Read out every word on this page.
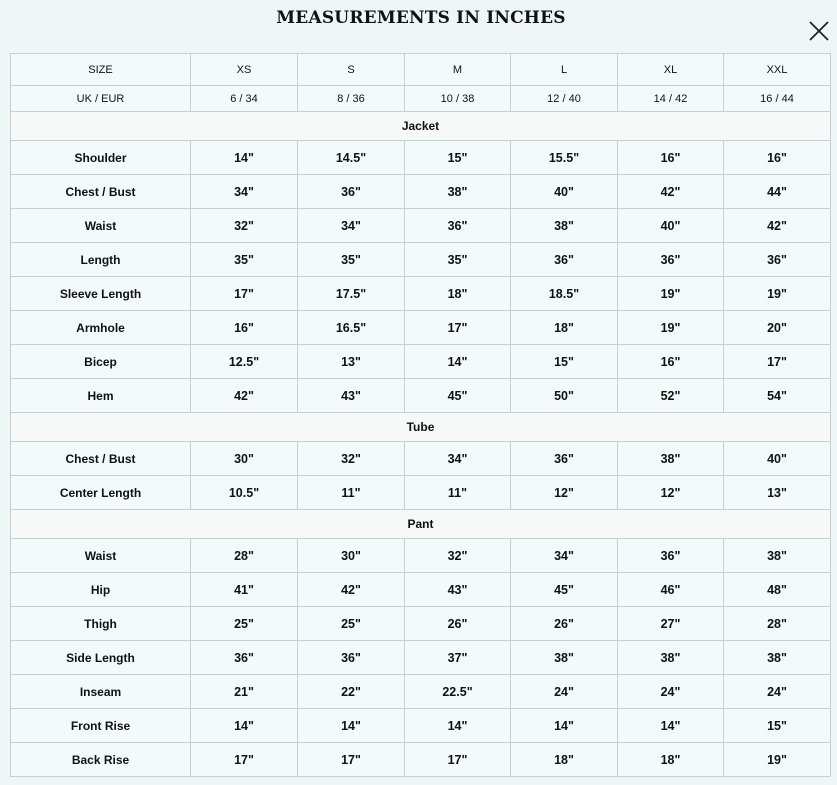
MEASUREMENTS IN INCHES
SIZE	XS	S	M	L	XL	XXL
UK / EUR	6 / 34	8 / 36	10 / 38	12 / 40	14 / 42	16 / 44
Jacket						
Shoulder	14"	14.5"	15"	15.5"	16"	16"
Chest / Bust	34"	36"	38"	40"	42"	44"
Waist	32"	34"	36"	38"	40"	42"
Length	35"	35"	35"	36"	36"	36"
Sleeve Length	17"	17.5"	18"	18.5"	19"	19"
Armhole	16"	16.5"	17"	18"	19"	20"
Bicep	12.5"	13"	14"	15"	16"	17"
Hem	42"	43"	45"	50"	52"	54"
Tube						
Chest / Bust	30"	32"	34"	36"	38"	40"
Center Length	10.5"	11"	11"	12"	12"	13"
Pant						
Waist	28"	30"	32"	34"	36"	38"
Hip	41"	42"	43"	45"	46"	48"
Thigh	25"	25"	26"	26"	27"	28"
Side Length	36"	36"	37"	38"	38"	38"
Inseam	21"	22"	22.5"	24"	24"	24"
Front Rise	14"	14"	14"	14"	14"	15"
Back Rise	17"	17"	17"	18"	18"	19"
